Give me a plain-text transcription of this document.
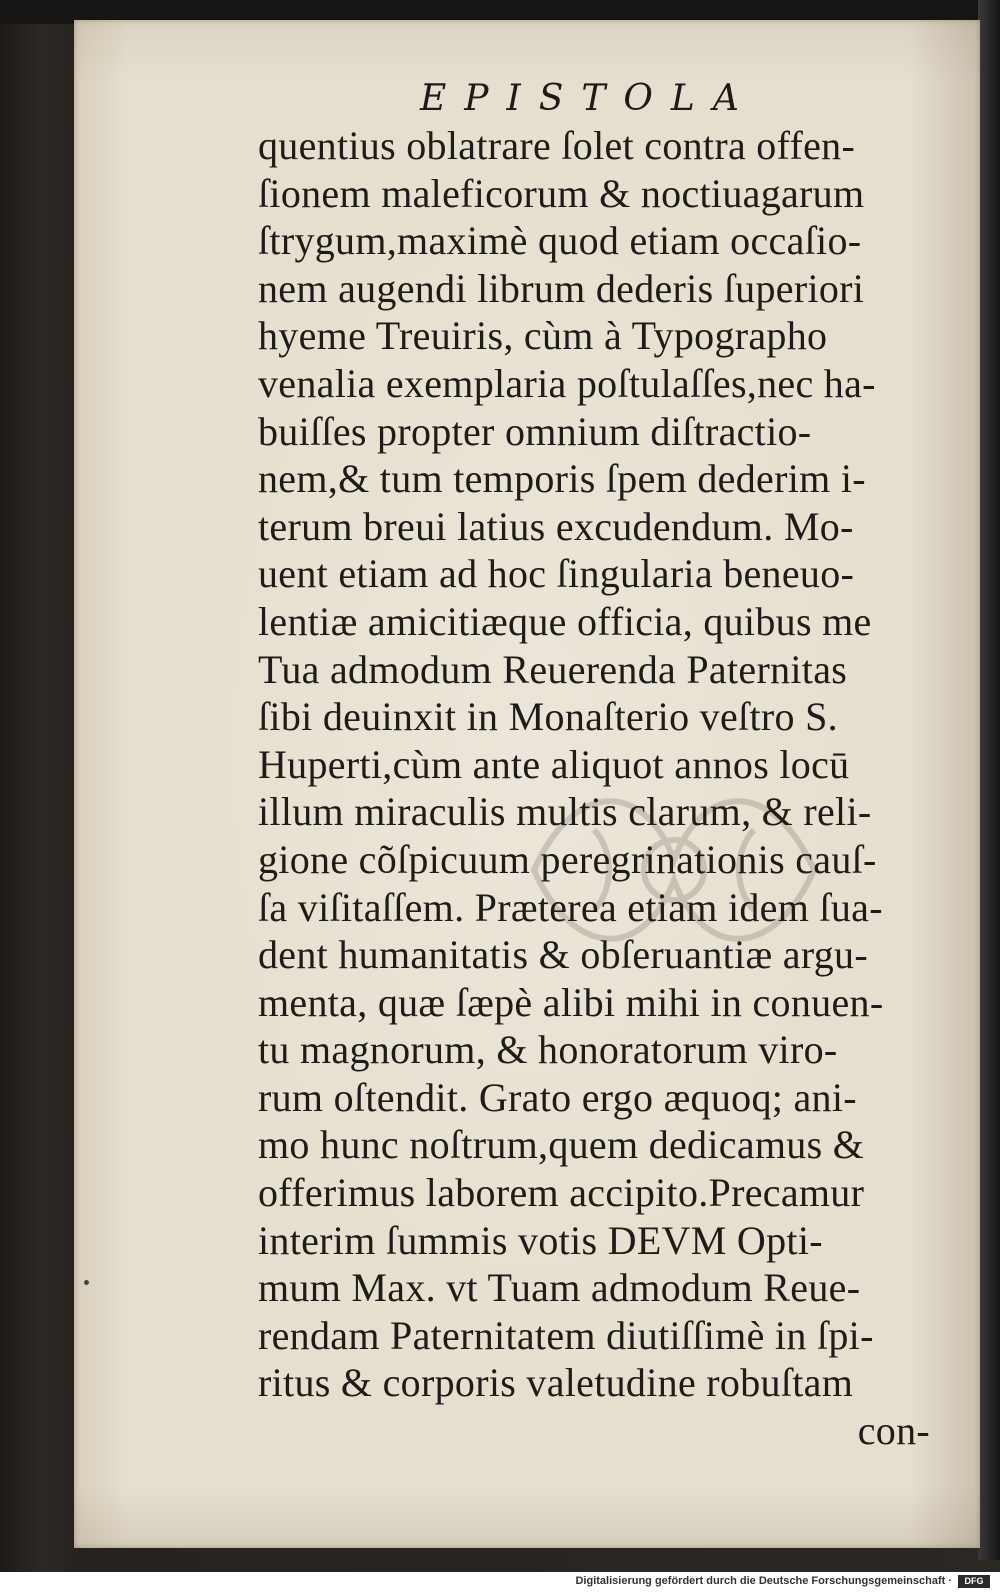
EPISTOLA
quentius oblatrare ſolet contra offen-
ſionem maleficorum & noctiuagarum
ſtrygum,maximè quod etiam occaſio-
nem augendi librum dederis ſuperiori
hyeme Treuiris, cùm à Typographo
venalia exemplaria poſtulaſſes,nec ha-
buiſſes propter omnium diſtractio-
nem,& tum temporis ſpem dederim i-
terum breui latius excudendum. Mo-
uent etiam ad hoc ſingularia beneuo-
lentiæ amicitiæque officia, quibus me
Tua admodum Reuerenda Paternitas
ſibi deuinxit in Monaſterio veſtro S.
Huperti,cùm ante aliquot annos locū
illum miraculis multis clarum, & reli-
gione cõſpicuum peregrinationis cauſ-
ſa viſitaſſem. Præterea etiam idem ſua-
dent humanitatis & obſeruantiæ argu-
menta, quæ ſæpè alibi mihi in conuen-
tu magnorum, & honoratorum viro-
rum oſtendit. Grato ergo æquoq; ani-
mo hunc noſtrum,quem dedicamus &
offerimus laborem accipito.Precamur
interim ſummis votis DEVM Opti-
mum Max. vt Tuam admodum Reue-
rendam Paternitatem diutiſſimè in ſpi-
ritus & corporis valetudine robuſtam
con-
Digitalisierung gefördert durch die Deutsche Forschungsgemeinschaft ·	DFG
